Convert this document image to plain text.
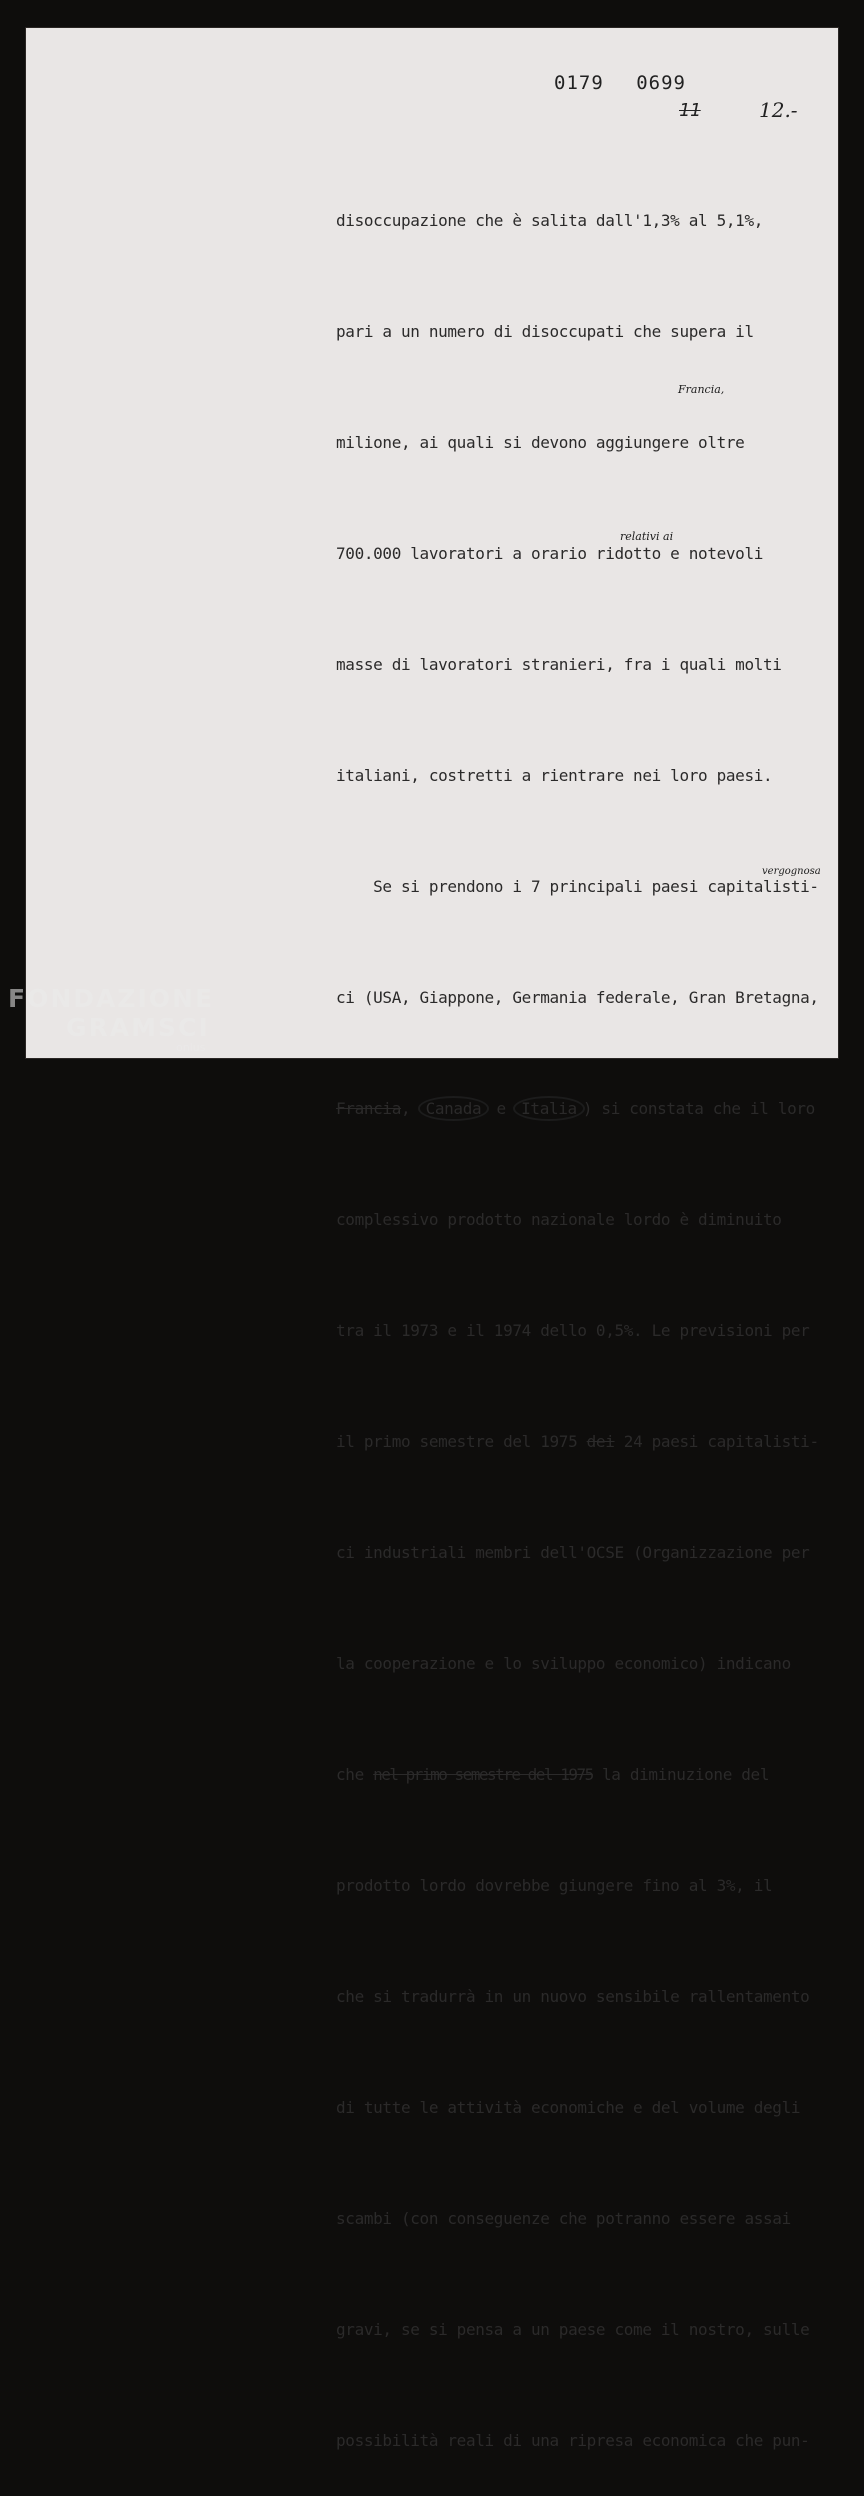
0179 0699
11	12.-
Francia,
relativi ai
vergognosa

disoccupazione che è salita dall'1,3% al 5,1%,

pari a un numero di disoccupati che supera il

milione, ai quali si devono aggiungere oltre

700.000 lavoratori a orario ridotto e notevoli

masse di lavoratori stranieri, fra i quali molti

italiani, costretti a rientrare nei loro paesi.

Se si prendono i 7 principali paesi capitalisti-

ci (USA, Giappone, Germania federale, Gran Bretagna,

Francia, Canada e Italia ) si constata che il loro

complessivo prodotto nazionale lordo è diminuito

tra il 1973 e il 1974 dello 0,5%. Le previsioni per

il primo semestre del 1975 dei 24 paesi capitalisti-

ci industriali membri dell'OCSE (Organizzazione per

la cooperazione e lo sviluppo economico) indicano

che nel primo semestre del 1975 la diminuzione del

prodotto lordo dovrebbe giungere fino al 3%, il

che si tradurrà in un nuovo sensibile rallentamento

di tutte le attività economiche e del volume degli

scambi (con conseguenze che potranno essere assai

gravi, se si pensa a un paese come il nostro, sulle

possibilità reali di una ripresa economica che pun-

FONDAZIONE
GRAMSCI
onlus
